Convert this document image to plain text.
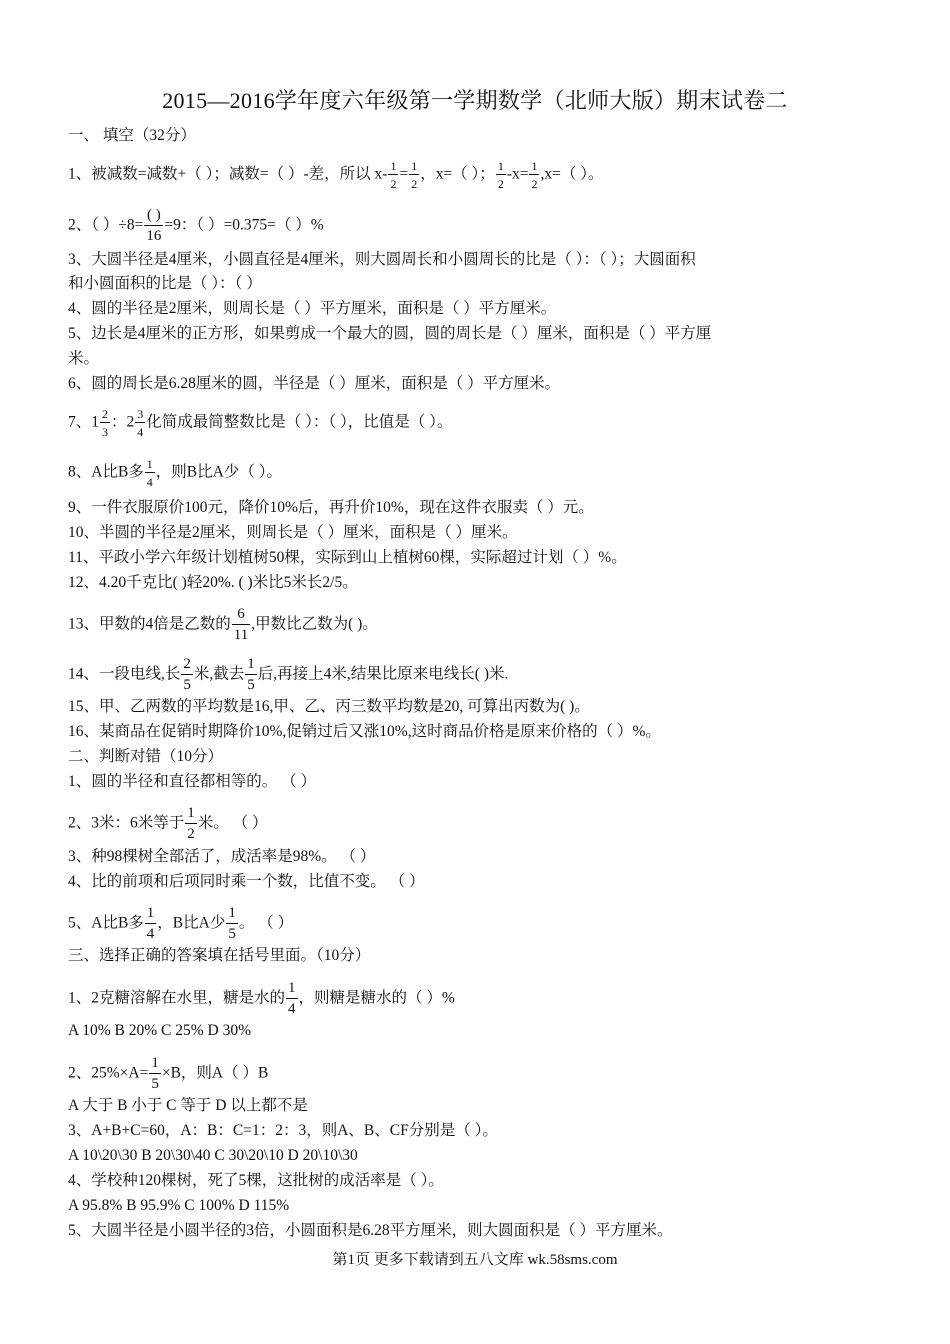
2015—2016学年度六年级第一学期数学（北师大版）期末试卷二
一、 填空（32分）
1、被减数=减数+（ ）；减数=（ ）-差，所以 $x- \frac{1}{2} = \frac{1}{2}$ ，x=（ ）； $\frac{1}{2} -x= \frac{1}{2} ,x=$（ ）。
2、（ ）$\div 8= \frac{( )}{16} =9$：（ ）=0.375=（ ）%
3、大圆半径是4厘米，小圆直径是4厘米，则大圆周长和小圆周长的比是（ ）：（ ）；大圆面积
和小圆面积的比是（ ）：（ ）
4、圆的半径是2厘米，则周长是（ ）平方厘米，面积是（ ）平方厘米。
5、边长是4厘米的正方形，如果剪成一个最大的圆，圆的周长是（ ）厘米，面积是（ ）平方厘
米。
6、圆的周长是6.28厘米的圆，半径是（ ）厘米，面积是（ ）平方厘米。
7、$1 \frac{2}{3}$ ：$2 \frac{3}{4}$ 化简成最简整数比是（ ）：（ ），比值是（ ）。
8、A比B多 $\frac{1}{4}$ ，则B比A少（ ）。
9、一件衣服原价100元，降价10%后，再升价10%，现在这件衣服卖（ ）元。
10、半圆的半径是2厘米，则周长是（ ）厘米，面积是（ ）厘米。
11、平政小学六年级计划植树50棵，实际到山上植树60棵，实际超过计划（ ）%。
12、4.20千克比( )轻20%. ( )米比5米长2/5。
13、甲数的4倍是乙数的 $\frac{6}{11}$ ,甲数比乙数为( )。
14、一段电线,长 $\frac{2}{5}$ 米,截去 $\frac{1}{5}$ 后,再接上4米,结果比原来电线长( )米.
15、甲、乙两数的平均数是16,甲、乙、丙三数平均数是20, 可算出丙数为( )。
16、某商品在促销时期降价10%,促销过后又涨10%,这时商品价格是原来价格的（ ）%。
二、判断对错（10分）
1、圆的半径和直径都相等的。 （ ）
2、3米：6米等于 $\frac{1}{2}$ 米。 （ ）
3、种98棵树全部活了，成活率是98%。 （ ）
4、比的前项和后项同时乘一个数，比值不变。 （ ）
5、A比B多 $\frac{1}{4}$ ，B比A少 $\frac{1}{5}$ 。 （ ）
三、选择正确的答案填在括号里面。（10分）
1、2克糖溶解在水里，糖是水的 $\frac{1}{4}$ ，则糖是糖水的（ ）%
A 10% B 20% C 25% D 30%
2、$25\%\times A= \frac{1}{5} \times B$，则A（ ）B
A 大于 B 小于 C 等于 D 以上都不是
3、A+B+C=60，A：B：C=1：2：3，则A、B、CF分别是（ ）。
A 10\20\30 B 20\30\40 C 30\20\10 D 20\10\30
4、学校种120棵树，死了5棵，这批树的成活率是（ ）。
A 95.8% B 95.9% C 100% D 115%
5、大圆半径是小圆半径的3倍，小圆面积是6.28平方厘米，则大圆面积是（ ）平方厘米。
第1页 更多下载请到五八文库 wk.58sms.com
